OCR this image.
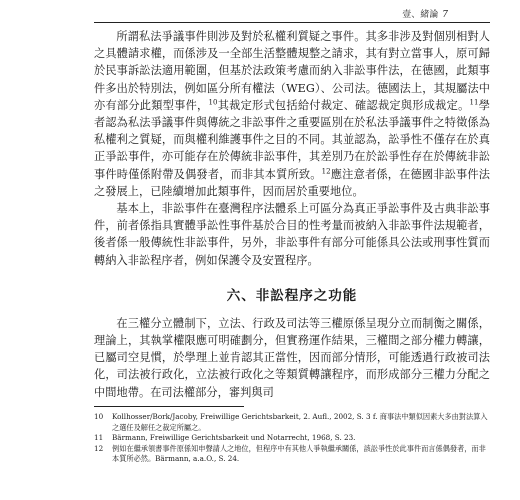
壹、緒論 7

所謂私法爭議事件則涉及對於私權利質疑之事件。其多非涉及對個別相對人之具體請求權，而係涉及一全部生活整體規整之請求，其有對立當事人，原可歸於民事訴訟法適用範圍，但基於法政策考慮而納入非訟事件法，在德國，此類事件多出於特別法，例如區分所有權法（WEG）、公司法。德國法上，其規屬法中亦有部分此類型事件，$^{10}$其裁定形式包括給付裁定、確認裁定與形成裁定。$^{11}$學者認為私法爭議事件與傳統之非訟事件之重要區別在於私法爭議事件之特徵係為私權利之質疑，而與權利維護事件之目的不同。其並認為，訟爭性不僅存在於真正爭訟事件，亦可能存在於傳統非訟事件，其差別乃在於訟爭性存在於傳統非訟事件時僅係附帶及偶發者，而非其本質所致。$^{12}$應注意者係，在德國非訟事件法之發展上，已陸續增加此類事件，因而居於重要地位。

基本上，非訟事件在臺灣程序法體系上可區分為真正爭訟事件及古典非訟事件，前者係指具實體爭訟性事件基於合目的性考量而被納入非訟事件法規範者，後者係一般傳統性非訟事件，另外，非訟事件有部分可能係具公法或刑事性質而轉納入非訟程序者，例如保護令及安置程序。

六、非訟程序之功能

在三權分立體制下，立法、行政及司法等三權原係呈現分立而制衡之關係，理論上，其執掌權限應可明確劃分，但實務運作結果，三權間之部分權力轉讓，已屬司空見慣，於學理上並肯認其正當性，因而部分情形，可能透過行政被司法化，司法被行政化，立法被行政化之等類質轉讓程序，而形成部分三權力分配之中間地帶。在司法權部分，審判與司

10	Kollhosser/Bork/Jacoby, Freiwillige Gerichtsbarkeit, 2. Aufl., 2002, S. 3 f. 商事法中類似因素大多由對法算入之選任及解任之裁定所屬之。
11	Bärmann, Freiwillige Gerichtsbarkeit und Notarrecht, 1968, S. 23.
12	例如在繼承領書事件原係知申聲請人之地位，但程序中有其他人爭執繼承關係，該訟爭性於此事件而言係偶發者，而非本質所必然。Bärmann, a.a.O., S. 24.
